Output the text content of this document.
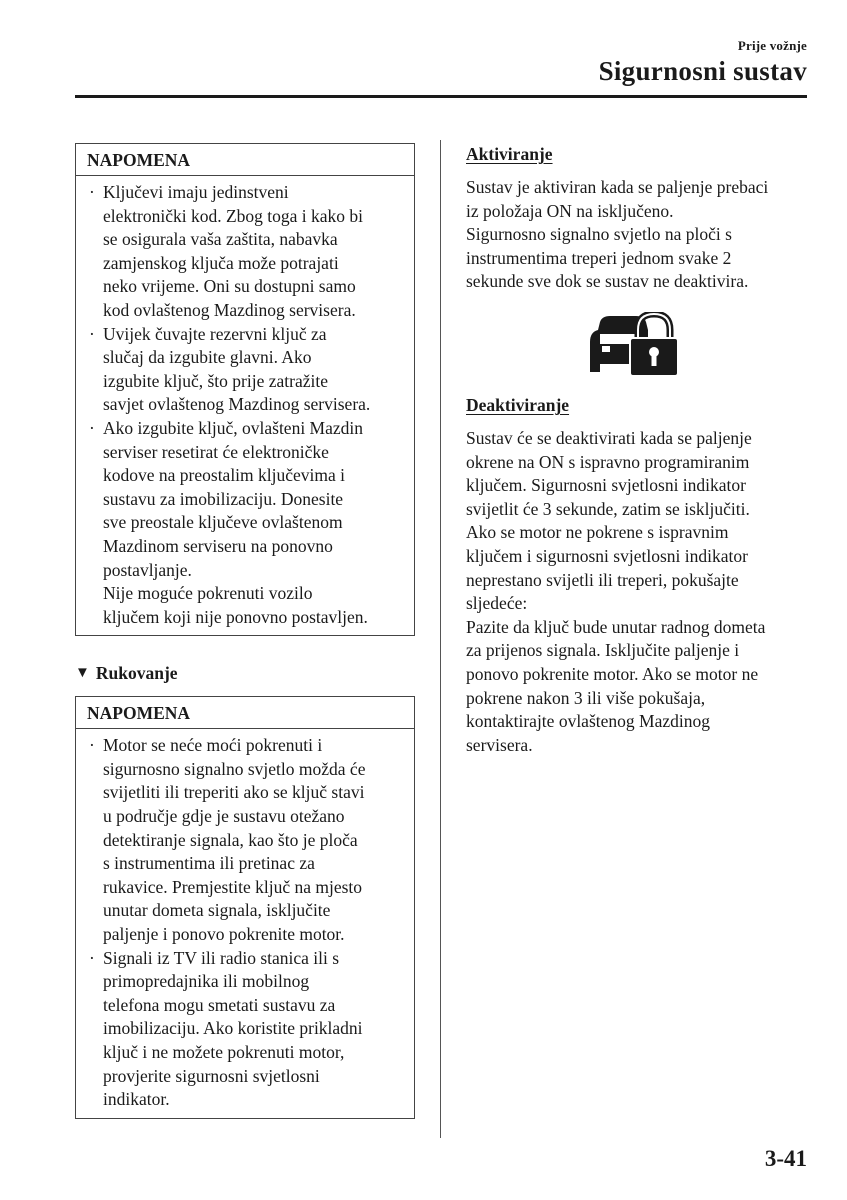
Prije vožnje
Sigurnosni sustav
NAPOMENA
· Ključevi imaju jedinstveni
elektronički kod. Zbog toga i kako bi
se osigurala vaša zaštita, nabavka
zamjenskog ključa može potrajati
neko vrijeme. Oni su dostupni samo
kod ovlaštenog Mazdinog servisera.
· Uvijek čuvajte rezervni ključ za
slučaj da izgubite glavni. Ako
izgubite ključ, što prije zatražite
savjet ovlaštenog Mazdinog servisera.
· Ako izgubite ključ, ovlašteni Mazdin
serviser resetirat će elektroničke
kodove na preostalim ključevima i
sustavu za imobilizaciju. Donesite
sve preostale ključeve ovlaštenom
Mazdinom serviseru na ponovno
postavljanje.
Nije moguće pokrenuti vozilo
ključem koji nije ponovno postavljen.
▼ Rukovanje
NAPOMENA
· Motor se neće moći pokrenuti i
sigurnosno signalno svjetlo možda će
svijetliti ili treperiti ako se ključ stavi
u područje gdje je sustavu otežano
detektiranje signala, kao što je ploča
s instrumentima ili pretinac za
rukavice. Premjestite ključ na mjesto
unutar dometa signala, isključite
paljenje i ponovo pokrenite motor.
· Signali iz TV ili radio stanica ili s
primopredajnika ili mobilnog
telefona mogu smetati sustavu za
imobilizaciju. Ako koristite prikladni
ključ i ne možete pokrenuti motor,
provjerite sigurnosni svjetlosni
indikator.
Aktiviranje
Sustav je aktiviran kada se paljenje prebaci
iz položaja ON na isključeno.
Sigurnosno signalno svjetlo na ploči s
instrumentima treperi jednom svake 2
sekunde sve dok se sustav ne deaktivira.
Deaktiviranje
Sustav će se deaktivirati kada se paljenje
okrene na ON s ispravno programiranim
ključem. Sigurnosni svjetlosni indikator
svijetlit će 3 sekunde, zatim se isključiti.
Ako se motor ne pokrene s ispravnim
ključem i sigurnosni svjetlosni indikator
neprestano svijetli ili treperi, pokušajte
sljedeće:
Pazite da ključ bude unutar radnog dometa
za prijenos signala. Isključite paljenje i
ponovo pokrenite motor. Ako se motor ne
pokrene nakon 3 ili više pokušaja,
kontaktirajte ovlaštenog Mazdinog
servisera.
3-41
